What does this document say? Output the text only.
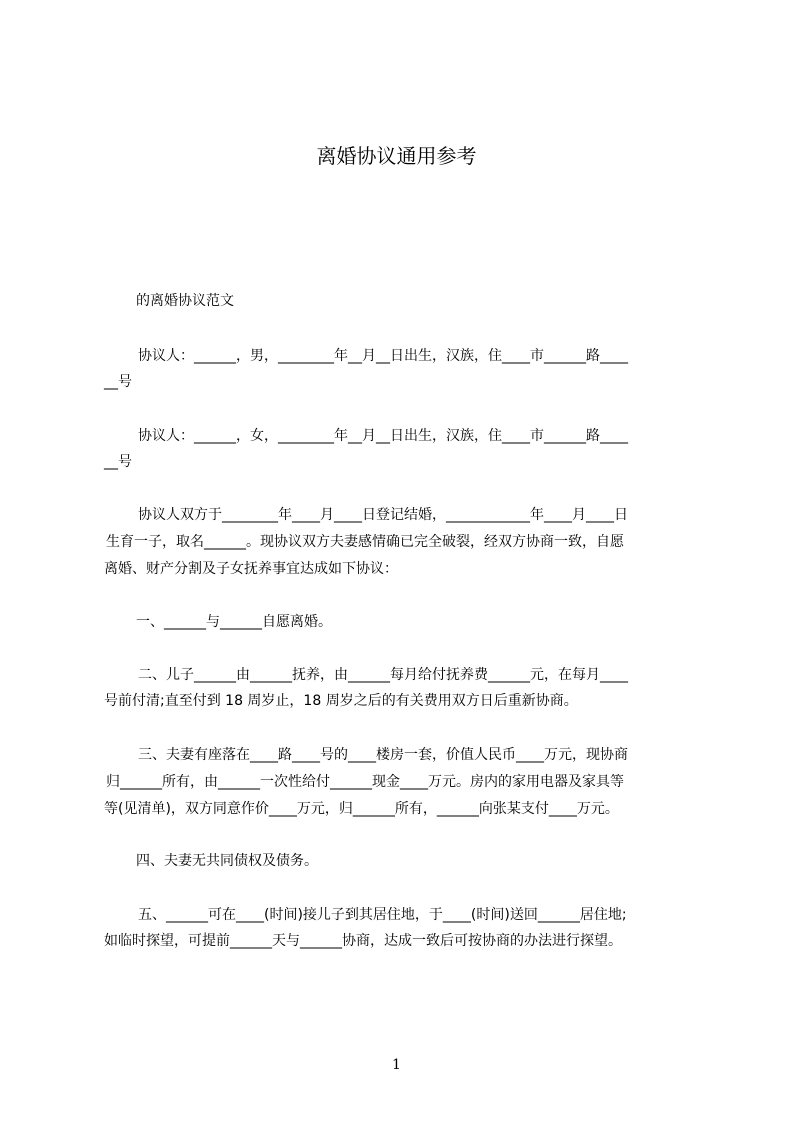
离婚协议通用参考
的离婚协议范文
协议人：______，男，________年__月__日出生，汉族，住____市______路____
__号
协议人：______，女，________年__月__日出生，汉族，住____市______路____
__号
协议人双方于________年____月____日登记结婚，____________年____月____日
生育一子，取名______。现协议双方夫妻感情确已完全破裂，经双方协商一致，自愿
离婚、财产分割及子女抚养事宜达成如下协议：
一、______与______自愿离婚。
二、儿子______由______抚养，由______每月给付抚养费______元，在每月____
号前付清;直至付到 18 周岁止，18 周岁之后的有关费用双方日后重新协商。
三、夫妻有座落在____路____号的____楼房一套，价值人民币____万元，现协商
归______所有，由______一次性给付______现金____万元。房内的家用电器及家具等
等(见清单)，双方同意作价____万元，归______所有，______向张某支付____万元。
四、夫妻无共同债权及债务。
五、______可在____(时间)接儿子到其居住地，于____(时间)送回______居住地;
如临时探望，可提前______天与______协商，达成一致后可按协商的办法进行探望。
1
